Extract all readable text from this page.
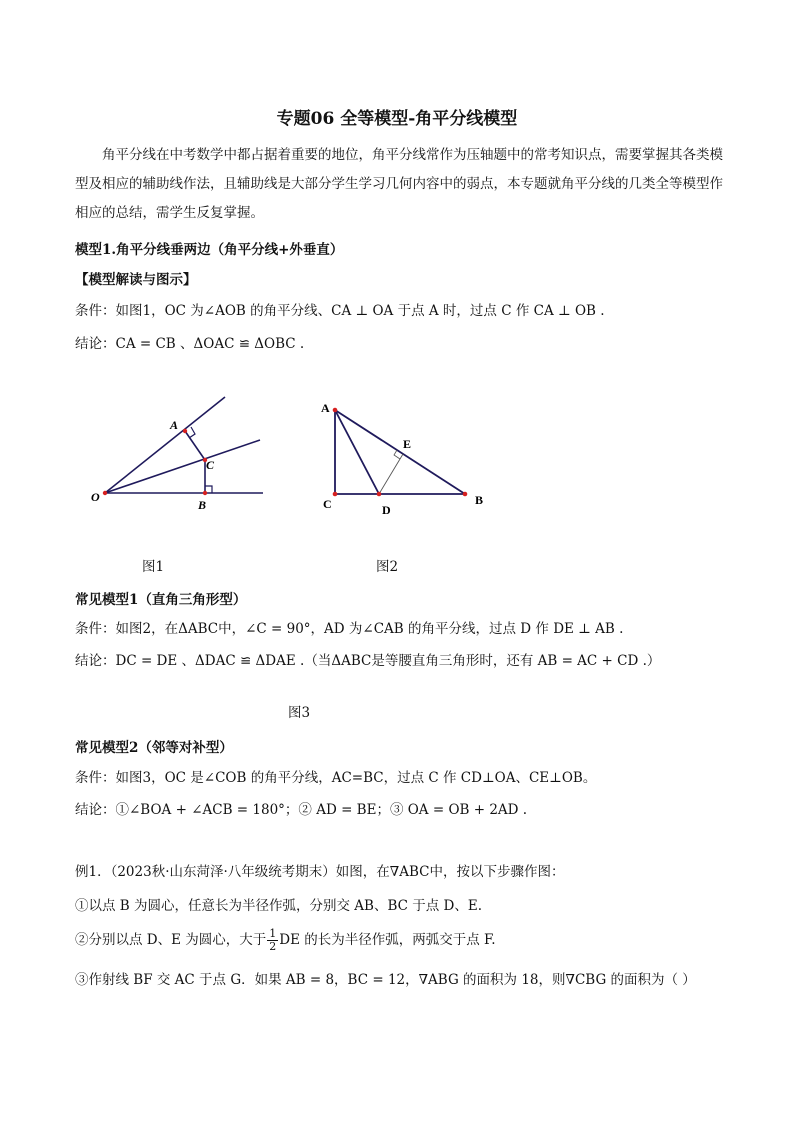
专题06 全等模型-角平分线模型
角平分线在中考数学中都占据着重要的地位，角平分线常作为压轴题中的常考知识点，需要掌握其各类模型及相应的辅助线作法，且辅助线是大部分学生学习几何内容中的弱点，本专题就角平分线的几类全等模型作相应的总结，需学生反复掌握。
模型1.角平分线垂两边（角平分线+外垂直）
【模型解读与图示】
条件：如图1，OC 为∠AOB 的角平分线、CA ⊥ OA 于点 A 时，过点 C 作 CA ⊥ OB .
结论：CA = CB 、ΔOAC ≌ ΔOBC .
A
C
O
B
A
E
C	D
B
图1	图2
常见模型1（直角三角形型）
条件：如图2，在ΔABC中，∠C = 90°，AD 为∠CAB 的角平分线，过点 D 作 DE ⊥ AB .
结论：DC = DE 、ΔDAC ≌ ΔDAE .（当ΔABC是等腰直角三角形时，还有 AB = AC + CD .）
图3
常见模型2（邻等对补型）
条件：如图3，OC 是∠COB 的角平分线，AC=BC，过点 C 作 CD⊥OA、CE⊥OB。
结论：①∠BOA + ∠ACB = 180°；② AD = BE；③ OA = OB + 2AD .
例1．（2023秋·山东菏泽·八年级统考期末）如图，在∇ABC中，按以下步骤作图：
①以点 B 为圆心，任意长为半径作弧，分别交 AB、BC 于点 D、E.
②分别以点 D、E 为圆心，大于 $\frac{1}{2}$ DE 的长为半径作弧，两弧交于点 F.
③作射线 BF 交 AC 于点 G．如果 AB = 8，BC = 12，∇ABG 的面积为 18，则∇CBG 的面积为（ ）
